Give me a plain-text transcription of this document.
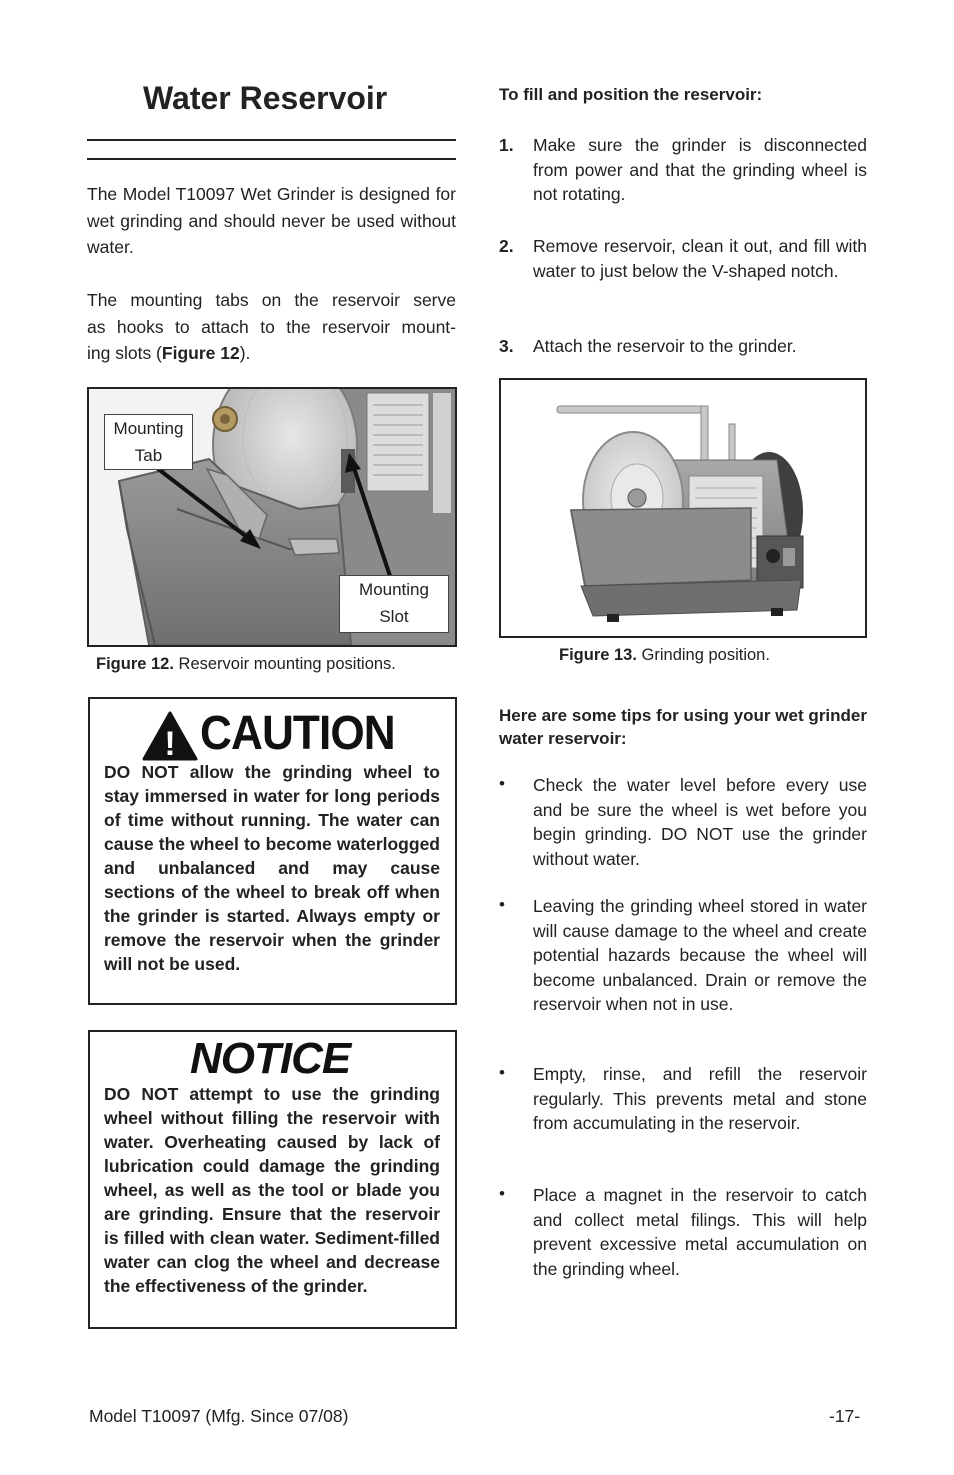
Water Reservoir
The Model T10097 Wet Grinder is designed for wet grinding and should never be used without water.
The mounting tabs on the reservoir serve
as hooks to attach to the reservoir mount-
ing slots (Figure 12).
Mounting
Tab
Mounting
Slot
Figure 12. Reservoir mounting positions.
! CAUTION
DO NOT allow the grinding wheel to stay immersed in water for long periods of time without running. The water can cause the wheel to become waterlogged and unbalanced and may cause sections of the wheel to break off when the grinder is started. Always empty or remove the reservoir when the grinder will not be used.
NOTICE
DO NOT attempt to use the grinding wheel without filling the reservoir with water. Overheating caused by lack of lubrication could damage the grinding wheel, as well as the tool or blade you are grinding. Ensure that the reservoir is filled with clean water. Sediment-filled water can clog the wheel and decrease the effectiveness of the grinder.
To fill and position the reservoir:
1. Make sure the grinder is disconnected from power and that the grinding wheel is not rotating.
2. Remove reservoir, clean it out, and fill with water to just below the V-shaped notch.
3. Attach the reservoir to the grinder.
Figure 13. Grinding position.
Here are some tips for using your wet grinder water reservoir:
• Check the water level before every use and be sure the wheel is wet before you begin grinding. DO NOT use the grinder without water.
• Leaving the grinding wheel stored in water will cause damage to the wheel and create potential hazards because the wheel will become unbalanced. Drain or remove the reservoir when not in use.
• Empty, rinse, and refill the reservoir regularly. This prevents metal and stone from accumulating in the reservoir.
• Place a magnet in the reservoir to catch and collect metal filings. This will help prevent excessive metal accumulation on the grinding wheel.
Model T10097 (Mfg. Since 07/08)	-17-
